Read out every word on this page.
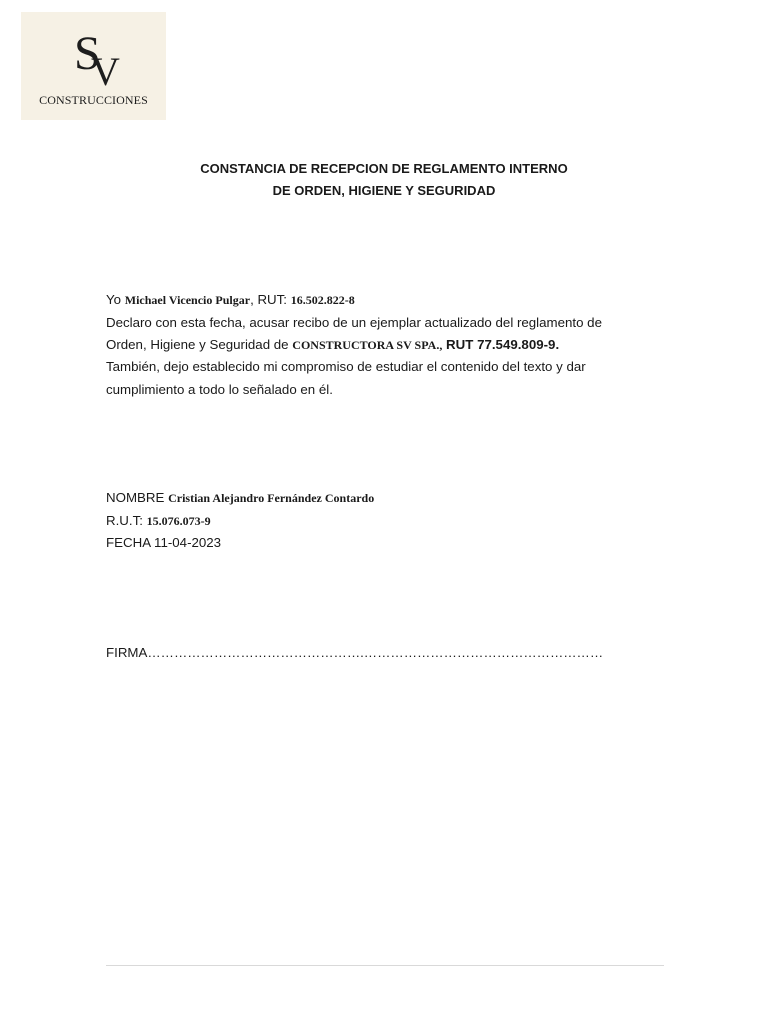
S
V
CONSTRUCCIONES
CONSTANCIA DE RECEPCION DE REGLAMENTO INTERNO
DE ORDEN, HIGIENE Y SEGURIDAD
Yo Michael Vicencio Pulgar, RUT: 16.502.822-8
Declaro con esta fecha, acusar recibo de un ejemplar actualizado del reglamento de
Orden, Higiene y Seguridad de CONSTRUCTORA SV SPA., RUT 77.549.809-9.
También, dejo establecido mi compromiso de estudiar el contenido del texto y dar
cumplimiento a todo lo señalado en él.
NOMBRE Cristian Alejandro Fernández Contardo
R.U.T: 15.076.073-9
FECHA 11-04-2023
FIRMA………………………………………….………………………………………………
